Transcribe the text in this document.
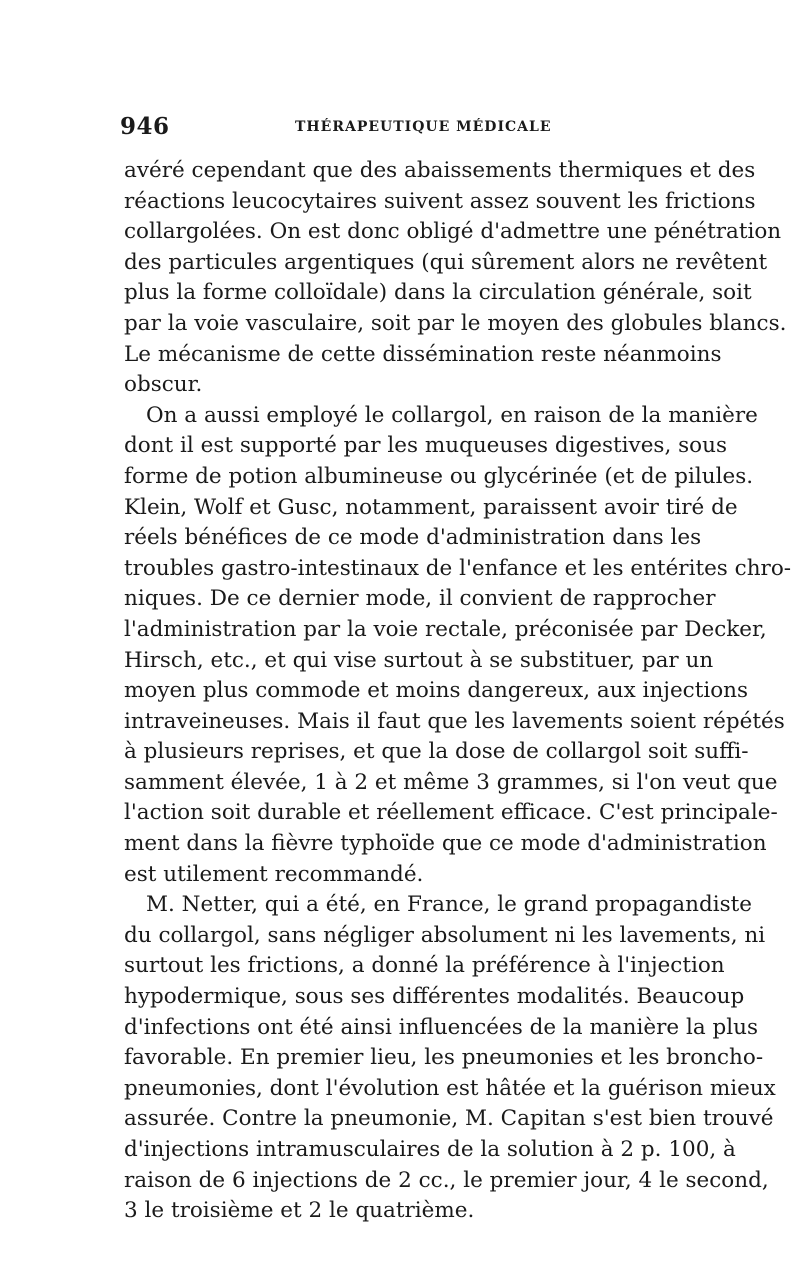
946	THÉRAPEUTIQUE MÉDICALE
avéré cependant que des abaissements thermiques et des
réactions leucocytaires suivent assez souvent les frictions
collargolées. On est donc obligé d'admettre une pénétration
des particules argentiques (qui sûrement alors ne revêtent
plus la forme colloïdale) dans la circulation générale, soit
par la voie vasculaire, soit par le moyen des globules blancs.
Le mécanisme de cette dissémination reste néanmoins
obscur.
On a aussi employé le collargol, en raison de la manière
dont il est supporté par les muqueuses digestives, sous
forme de potion albumineuse ou glycérinée (et de pilules.
Klein, Wolf et Gusc, notamment, paraissent avoir tiré de
réels bénéfices de ce mode d'administration dans les
troubles gastro-intestinaux de l'enfance et les entérites chro-
niques. De ce dernier mode, il convient de rapprocher
l'administration par la voie rectale, préconisée par Decker,
Hirsch, etc., et qui vise surtout à se substituer, par un
moyen plus commode et moins dangereux, aux injections
intraveineuses. Mais il faut que les lavements soient répétés
à plusieurs reprises, et que la dose de collargol soit suffi-
samment élevée, 1 à 2 et même 3 grammes, si l'on veut que
l'action soit durable et réellement efficace. C'est principale-
ment dans la fièvre typhoïde que ce mode d'administration
est utilement recommandé.
M. Netter, qui a été, en France, le grand propagandiste
du collargol, sans négliger absolument ni les lavements, ni
surtout les frictions, a donné la préférence à l'injection
hypodermique, sous ses différentes modalités. Beaucoup
d'infections ont été ainsi influencées de la manière la plus
favorable. En premier lieu, les pneumonies et les broncho-
pneumonies, dont l'évolution est hâtée et la guérison mieux
assurée. Contre la pneumonie, M. Capitan s'est bien trouvé
d'injections intramusculaires de la solution à 2 p. 100, à
raison de 6 injections de 2 cc., le premier jour, 4 le second,
3 le troisième et 2 le quatrième.
